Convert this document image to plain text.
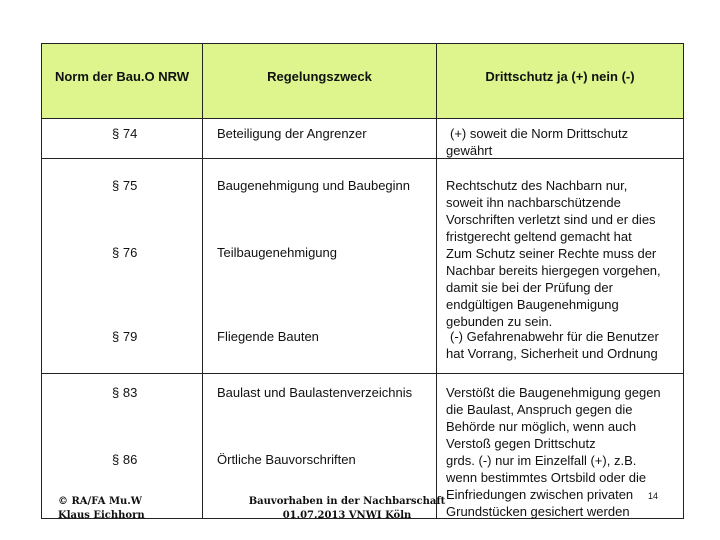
Norm der Bau.O NRW	Regelungszweck	Drittschutz ja (+) nein (-)
§ 74
§ 75
§ 76
§ 79
§ 83
§ 86
Beteiligung der Angrenzer
Baugenehmigung und Baubeginn
Teilbaugenehmigung
Fliegende Bauten
Baulast und Baulastenverzeichnis
Örtliche Bauvorschriften
(+) soweit die Norm Drittschutz
gewährt
Rechtschutz des Nachbarn nur,
soweit ihn nachbarschützende
Vorschriften verletzt sind und er dies
fristgerecht geltend gemacht hat
Zum Schutz seiner Rechte muss der
Nachbar bereits hiergegen vorgehen,
damit sie bei der Prüfung der
endgültigen Baugenehmigung
gebunden zu sein.
(-) Gefahrenabwehr für die Benutzer
hat Vorrang, Sicherheit und Ordnung
Verstößt die Baugenehmigung gegen
die Baulast, Anspruch gegen die
Behörde nur möglich, wenn auch
Verstoß gegen Drittschutz
grds. (-) nur im Einzelfall (+), z.B.
wenn bestimmtes Ortsbild oder die
Einfriedungen zwischen privaten
Grundstücken gesichert werden
© RA/FA Mu.W
Klaus Eichhorn
Bauvorhaben in der Nachbarschaft
01.07.2013 VNWI Köln
14
